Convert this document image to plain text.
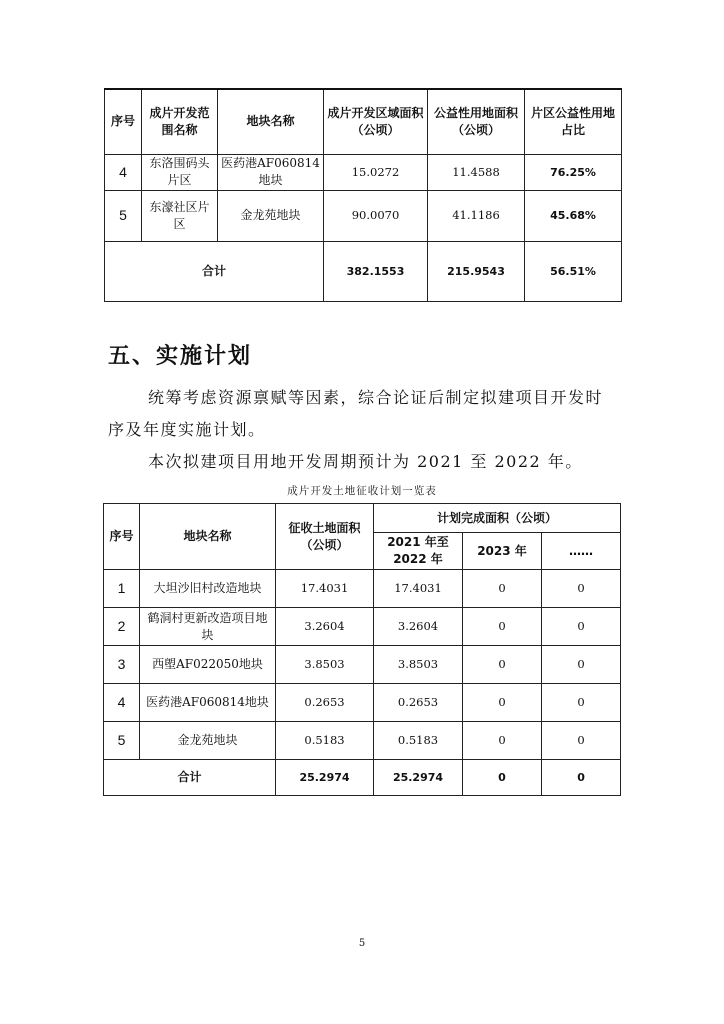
序号	成片开发范围名称	地块名称	成片开发区域面积（公顷）	公益性用地面积（公顷）	片区公益性用地占比
4	东洛围码头片区	医药港AF060814地块	15.0272	11.4588	76.25%
5	东濠社区片区	金龙苑地块	90.0070	41.1186	45.68%
合计			382.1553	215.9543	56.51%
五、实施计划

统筹考虑资源禀赋等因素，综合论证后制定拟建项目开发时序及年度实施计划。

本次拟建项目用地开发周期预计为 2021 至 2022 年。

成片开发土地征收计划一览表

序号	地块名称	征收土地面积（公顷）	计划完成面积（公顷）		
			2021 年至 2022 年	2023 年	……
1	大坦沙旧村改造地块	17.4031	17.4031	0	0
2	鹤洞村更新改造项目地块	3.2604	3.2604	0	0
3	西塱AF022050地块	3.8503	3.8503	0	0
4	医药港AF060814地块	0.2653	0.2653	0	0
5	金龙苑地块	0.5183	0.5183	0	0
合计		25.2974	25.2974	0	0

5
